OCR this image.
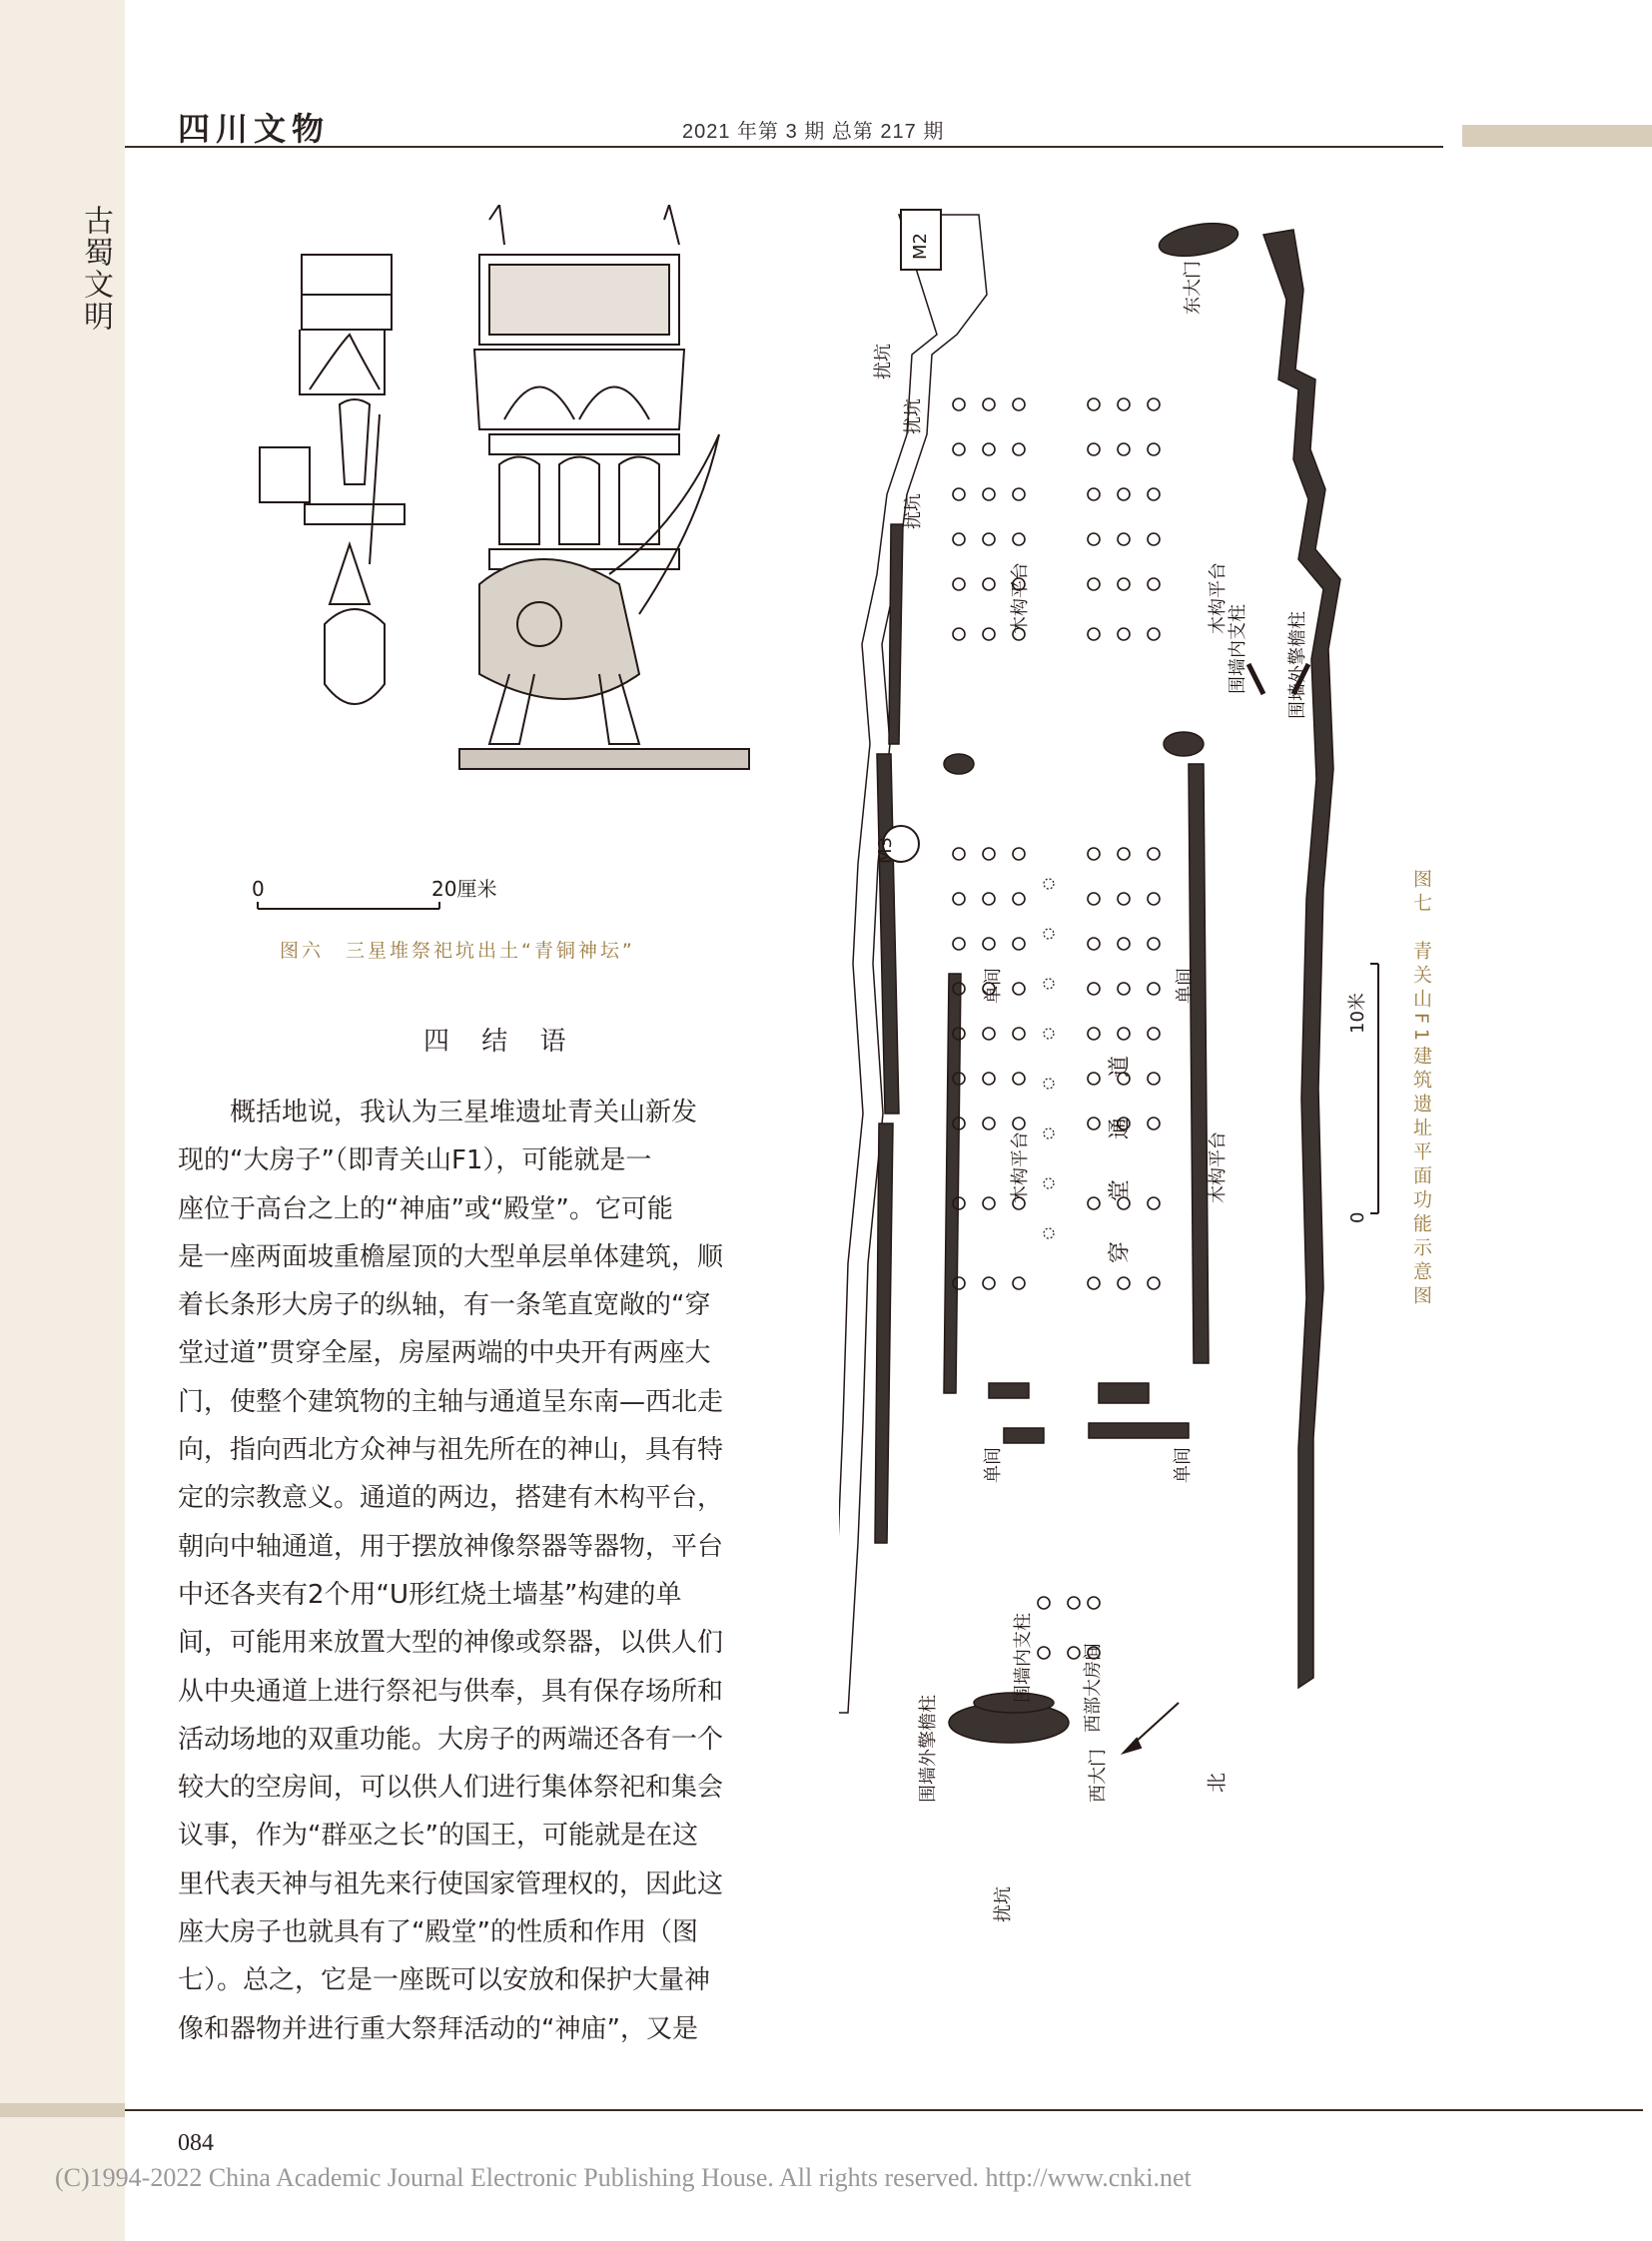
四川文物	2021 年第 3 期 总第 217 期
古蜀文明
0	20厘米
图六　三星堆祭祀坑出土“青铜神坛”
四 结 语
　　概括地说，我认为三星堆遗址青关山新发
现的“大房子”（即青关山F1），可能就是一
座位于高台之上的“神庙”或“殿堂”。它可能
是一座两面坡重檐屋顶的大型单层单体建筑，顺
着长条形大房子的纵轴，有一条笔直宽敞的“穿
堂过道”贯穿全屋，房屋两端的中央开有两座大
门，使整个建筑物的主轴与通道呈东南—西北走
向，指向西北方众神与祖先所在的神山，具有特
定的宗教意义。通道的两边，搭建有木构平台，
朝向中轴通道，用于摆放神像祭器等器物，平台
中还各夹有2个用“U形红烧土墙基”构建的单
间，可能用来放置大型的神像或祭器，以供人们
从中央通道上进行祭祀与供奉，具有保存场所和
活动场地的双重功能。大房子的两端还各有一个
较大的空房间，可以供人们进行集体祭祀和集会
议事，作为“群巫之长”的国王，可能就是在这
里代表天神与祖先来行使国家管理权的，因此这
座大房子也就具有了“殿堂”的性质和作用（图
七）。总之，它是一座既可以安放和保护大量神
像和器物并进行重大祭拜活动的“神庙”，又是
M2
M3
东大门
扰坑
扰坑
扰坑
扰坑
围墙外擎檐柱
围墙内支柱
木构平台	木构平台
木构平台	木构平台
单间	单间
单间	单间
穿堂通道
西部大房间
围墙内支柱
围墙外擎檐柱	西大门
0
10米
北
图七　青关山F1建筑遗址平面功能示意图
084
(C)1994-2022 China Academic Journal Electronic Publishing House. All rights reserved. http://www.cnki.net
